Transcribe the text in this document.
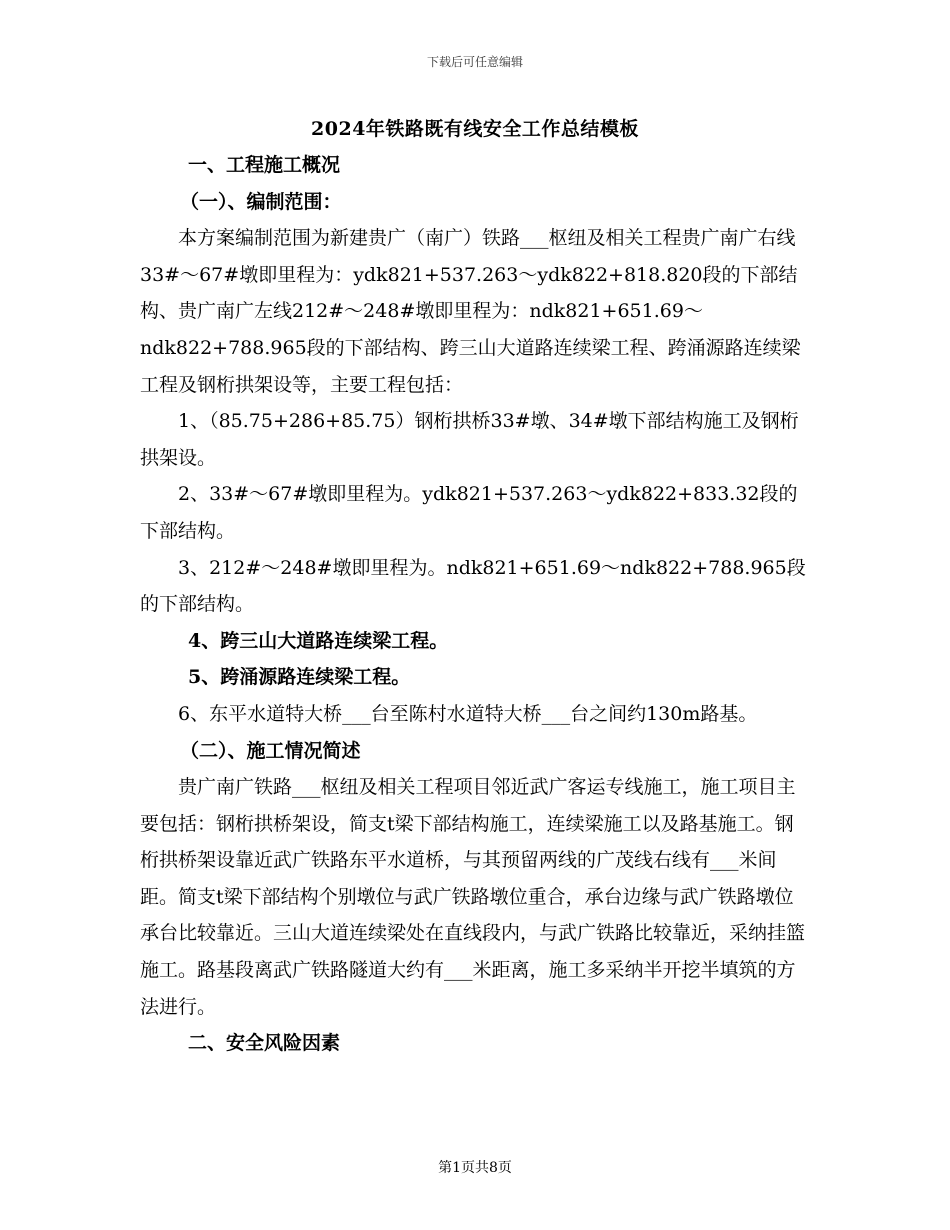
下载后可任意编辑
2024年铁路既有线安全工作总结模板

一、工程施工概况

（一）、编制范围：

本方案编制范围为新建贵广（南广）铁路___枢纽及相关工程贵广南广右线33#～67#墩即里程为：ydk821+537.263～ydk822+818.820段的下部结构、贵广南广左线212#～248#墩即里程为：ndk821+651.69～ndk822+788.965段的下部结构、跨三山大道路连续梁工程、跨涌源路连续梁工程及钢桁拱架设等，主要工程包括：

1、（85.75+286+85.75）钢桁拱桥33#墩、34#墩下部结构施工及钢桁拱架设。

2、33#～67#墩即里程为。ydk821+537.263～ydk822+833.32段的下部结构。

3、212#～248#墩即里程为。ndk821+651.69～ndk822+788.965段的下部结构。

4、跨三山大道路连续梁工程。

5、跨涌源路连续梁工程。

6、东平水道特大桥___台至陈村水道特大桥___台之间约130m路基。

（二）、施工情况简述

贵广南广铁路___枢纽及相关工程项目邻近武广客运专线施工，施工项目主要包括：钢桁拱桥架设，简支t梁下部结构施工，连续梁施工以及路基施工。钢桁拱桥架设靠近武广铁路东平水道桥，与其预留两线的广茂线右线有___米间距。简支t梁下部结构个别墩位与武广铁路墩位重合，承台边缘与武广铁路墩位承台比较靠近。三山大道连续梁处在直线段内，与武广铁路比较靠近，采纳挂篮施工。路基段离武广铁路隧道大约有___米距离，施工多采纳半开挖半填筑的方法进行。

二、安全风险因素

第1页共8页
